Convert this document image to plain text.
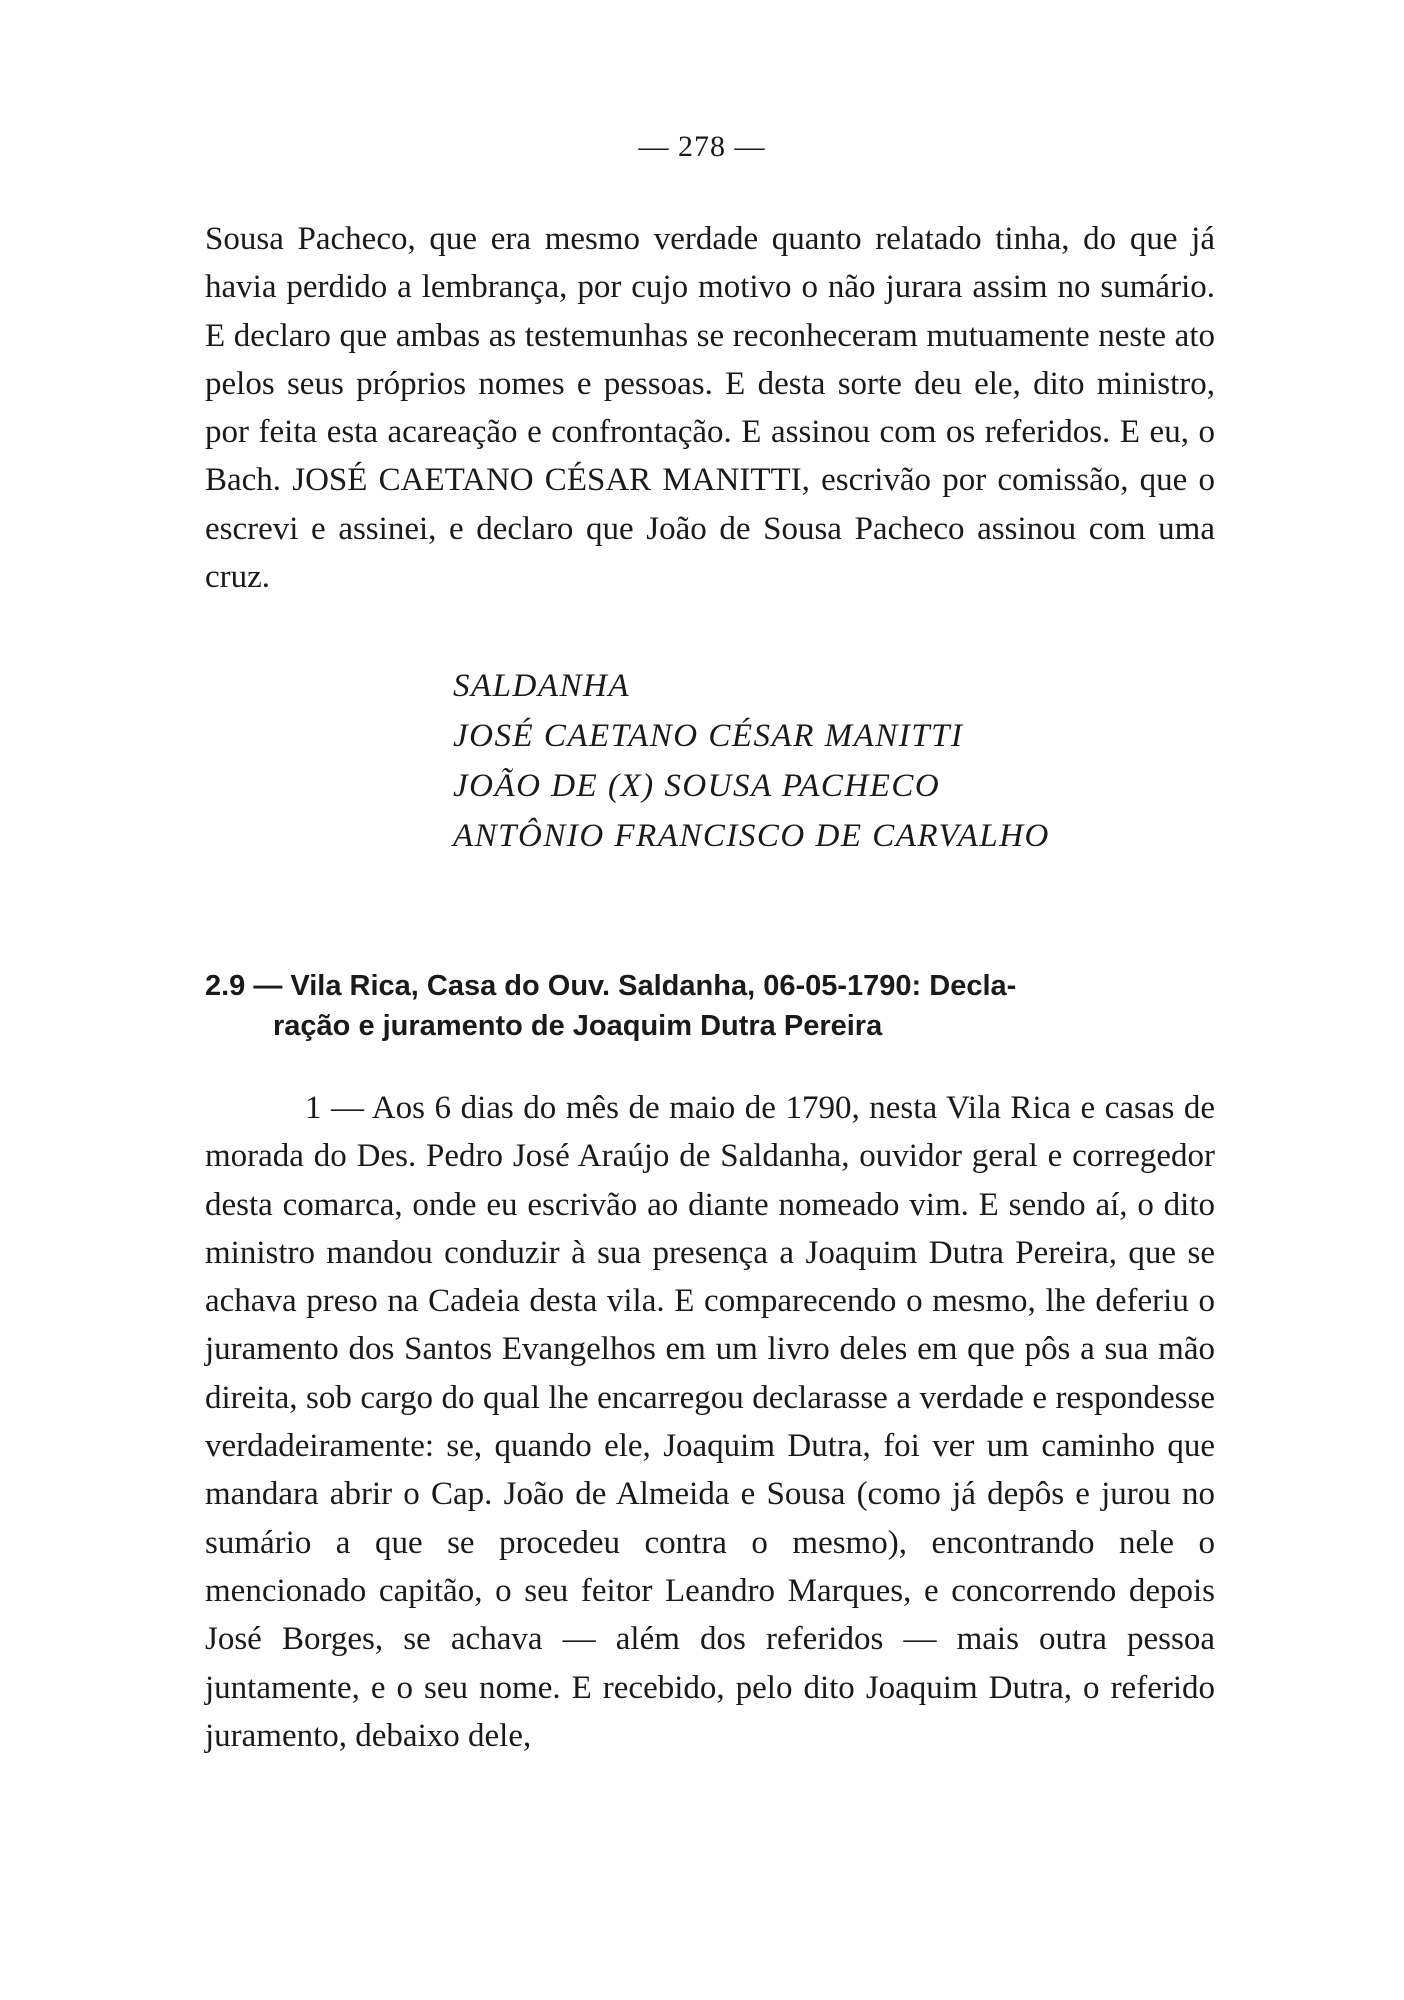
— 278 —

Sousa Pacheco, que era mesmo verdade quanto relatado tinha, do que já havia perdido a lembrança, por cujo motivo o não jurara assim no sumário. E declaro que ambas as testemunhas se reconheceram mutuamente neste ato pelos seus próprios nomes e pessoas. E desta sorte deu ele, dito ministro, por feita esta acareação e confrontação. E assinou com os referidos. E eu, o Bach. JOSÉ CAETANO CÉSAR MANITTI, escrivão por comissão, que o escrevi e assinei, e declaro que João de Sousa Pacheco assinou com uma cruz.

SALDANHA
JOSÉ CAETANO CÉSAR MANITTI
JOÃO DE (X) SOUSA PACHECO
ANTÔNIO FRANCISCO DE CARVALHO
2.9 — Vila Rica, Casa do Ouv. Saldanha, 06-05-1790: Decla-
ração e juramento de Joaquim Dutra Pereira

1 — Aos 6 dias do mês de maio de 1790, nesta Vila Rica e casas de morada do Des. Pedro José Araújo de Saldanha, ouvidor geral e corregedor desta comarca, onde eu escrivão ao diante nomeado vim. E sendo aí, o dito ministro mandou conduzir à sua presença a Joaquim Dutra Pereira, que se achava preso na Cadeia desta vila. E comparecendo o mesmo, lhe deferiu o juramento dos Santos Evangelhos em um livro deles em que pôs a sua mão direita, sob cargo do qual lhe encarregou declarasse a verdade e respondesse verdadeiramente: se, quando ele, Joaquim Dutra, foi ver um caminho que mandara abrir o Cap. João de Almeida e Sousa (como já depôs e jurou no sumário a que se procedeu contra o mesmo), encontrando nele o mencionado capitão, o seu feitor Leandro Marques, e concorrendo depois José Borges, se achava — além dos referidos — mais outra pessoa juntamente, e o seu nome. E recebido, pelo dito Joaquim Dutra, o referido juramento, debaixo dele,
